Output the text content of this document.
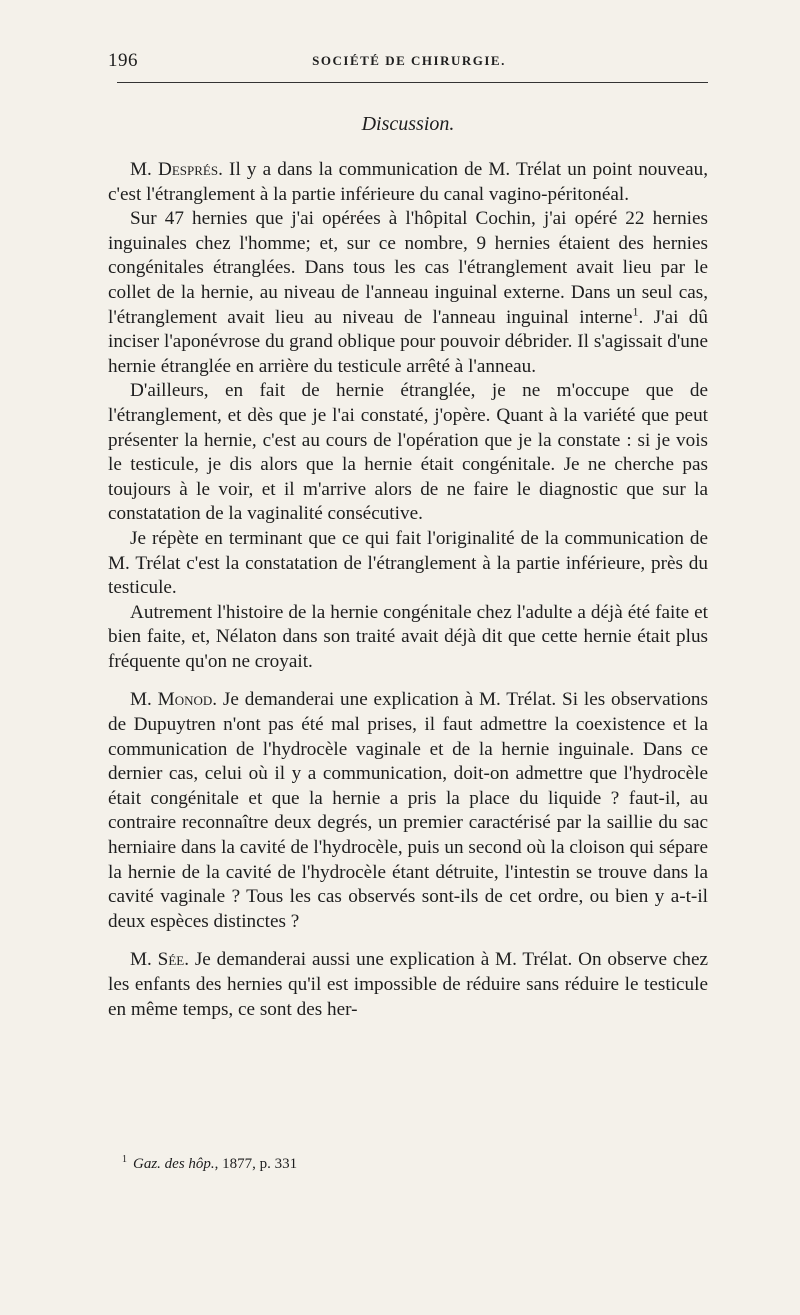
196	SOCIÉTÉ DE CHIRURGIE.
Discussion.

M. Després. Il y a dans la communication de M. Trélat un point nouveau, c'est l'étranglement à la partie inférieure du canal vagino-péritonéal.

Sur 47 hernies que j'ai opérées à l'hôpital Cochin, j'ai opéré 22 hernies inguinales chez l'homme; et, sur ce nombre, 9 hernies étaient des hernies congénitales étranglées. Dans tous les cas l'étranglement avait lieu par le collet de la hernie, au niveau de l'anneau inguinal externe. Dans un seul cas, l'étranglement avait lieu au niveau de l'anneau inguinal interne$^1$. J'ai dû inciser l'aponévrose du grand oblique pour pouvoir débrider. Il s'agissait d'une hernie étranglée en arrière du testicule arrêté à l'anneau.

D'ailleurs, en fait de hernie étranglée, je ne m'occupe que de l'étranglement, et dès que je l'ai constaté, j'opère. Quant à la variété que peut présenter la hernie, c'est au cours de l'opération que je la constate : si je vois le testicule, je dis alors que la hernie était congénitale. Je ne cherche pas toujours à le voir, et il m'arrive alors de ne faire le diagnostic que sur la constatation de la vaginalité consécutive.

Je répète en terminant que ce qui fait l'originalité de la communication de M. Trélat c'est la constatation de l'étranglement à la partie inférieure, près du testicule.

Autrement l'histoire de la hernie congénitale chez l'adulte a déjà été faite et bien faite, et, Nélaton dans son traité avait déjà dit que cette hernie était plus fréquente qu'on ne croyait.

M. Monod. Je demanderai une explication à M. Trélat. Si les observations de Dupuytren n'ont pas été mal prises, il faut admettre la coexistence et la communication de l'hydrocèle vaginale et de la hernie inguinale. Dans ce dernier cas, celui où il y a communication, doit-on admettre que l'hydrocèle était congénitale et que la hernie a pris la place du liquide ? faut-il, au contraire reconnaître deux degrés, un premier caractérisé par la saillie du sac herniaire dans la cavité de l'hydrocèle, puis un second où la cloison qui sépare la hernie de la cavité de l'hydrocèle étant détruite, l'intestin se trouve dans la cavité vaginale ? Tous les cas observés sont-ils de cet ordre, ou bien y a-t-il deux espèces distinctes ?

M. Sée. Je demanderai aussi une explication à M. Trélat. On observe chez les enfants des hernies qu'il est impossible de réduire sans réduire le testicule en même temps, ce sont des her-

$^1$ Gaz. des hôp., 1877, p. 331
